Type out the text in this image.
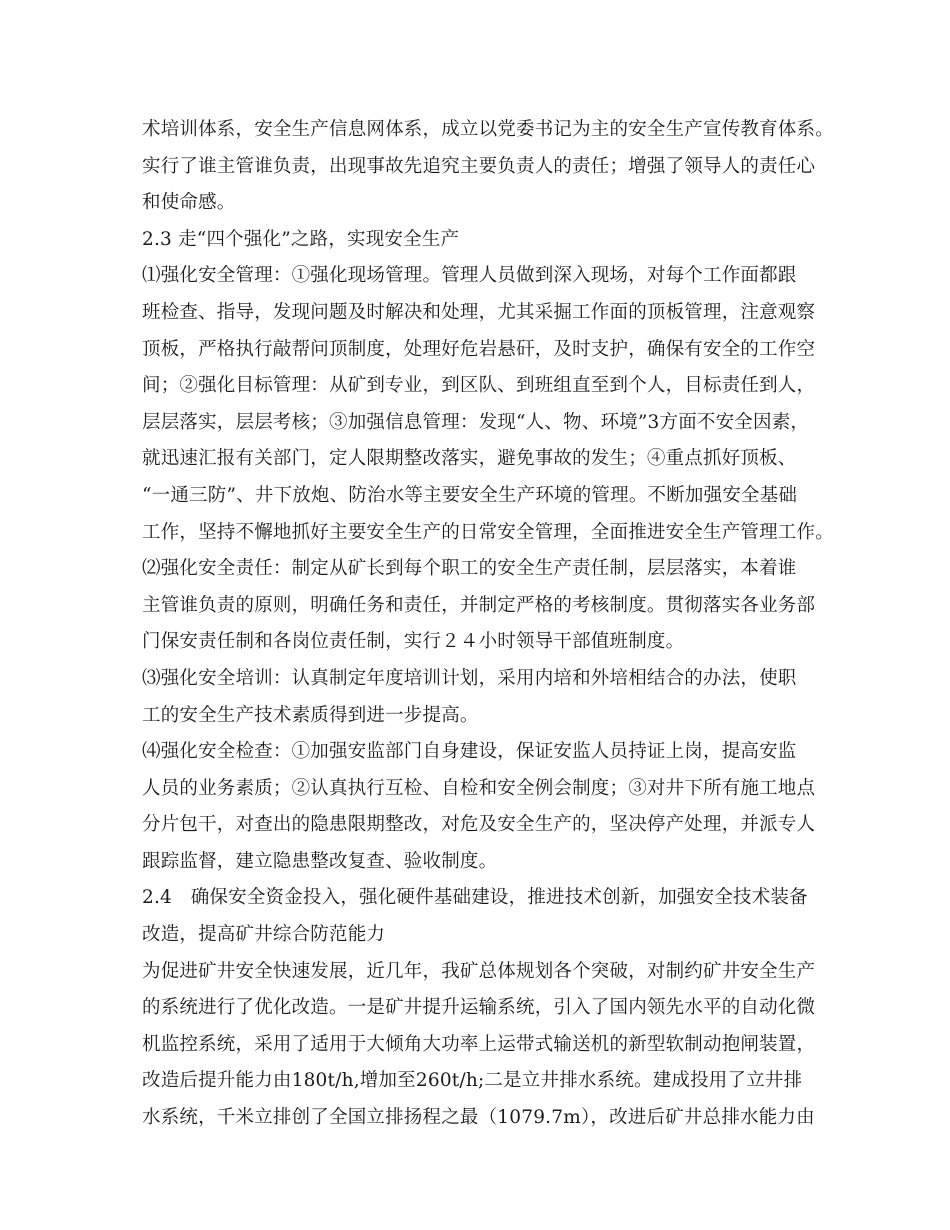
术培训体系，安全生产信息网体系，成立以党委书记为主的安全生产宣传教育体系。
实行了谁主管谁负责，出现事故先追究主要负责人的责任；增强了领导人的责任心
和使命感。
2.3 走“四个强化”之路，实现安全生产
⑴强化安全管理：①强化现场管理。管理人员做到深入现场，对每个工作面都跟
班检查、指导，发现问题及时解决和处理，尤其采掘工作面的顶板管理，注意观察
顶板，严格执行敲帮问顶制度，处理好危岩悬矸，及时支护，确保有安全的工作空
间；②强化目标管理：从矿到专业，到区队、到班组直至到个人，目标责任到人，
层层落实，层层考核；③加强信息管理：发现“人、物、环境”3方面不安全因素，
就迅速汇报有关部门，定人限期整改落实，避免事故的发生；④重点抓好顶板、
“一通三防”、井下放炮、防治水等主要安全生产环境的管理。不断加强安全基础
工作，坚持不懈地抓好主要安全生产的日常安全管理，全面推进安全生产管理工作。
⑵强化安全责任：制定从矿长到每个职工的安全生产责任制，层层落实，本着谁
主管谁负责的原则，明确任务和责任，并制定严格的考核制度。贯彻落实各业务部
门保安责任制和各岗位责任制，实行２４小时领导干部值班制度。
⑶强化安全培训：认真制定年度培训计划，采用内培和外培相结合的办法，使职
工的安全生产技术素质得到进一步提高。
⑷强化安全检查：①加强安监部门自身建设，保证安监人员持证上岗，提高安监
人员的业务素质；②认真执行互检、自检和安全例会制度；③对井下所有施工地点
分片包干，对查出的隐患限期整改，对危及安全生产的，坚决停产处理，并派专人
跟踪监督，建立隐患整改复查、验收制度。
2.4　确保安全资金投入，强化硬件基础建设，推进技术创新，加强安全技术装备
改造，提高矿井综合防范能力
为促进矿井安全快速发展，近几年，我矿总体规划各个突破，对制约矿井安全生产
的系统进行了优化改造。一是矿井提升运输系统，引入了国内领先水平的自动化微
机监控系统，采用了适用于大倾角大功率上运带式输送机的新型软制动抱闸装置，
改造后提升能力由180t/h,增加至260t/h;二是立井排水系统。建成投用了立井排
水系统，千米立排创了全国立排扬程之最（1079.7m），改进后矿井总排水能力由
